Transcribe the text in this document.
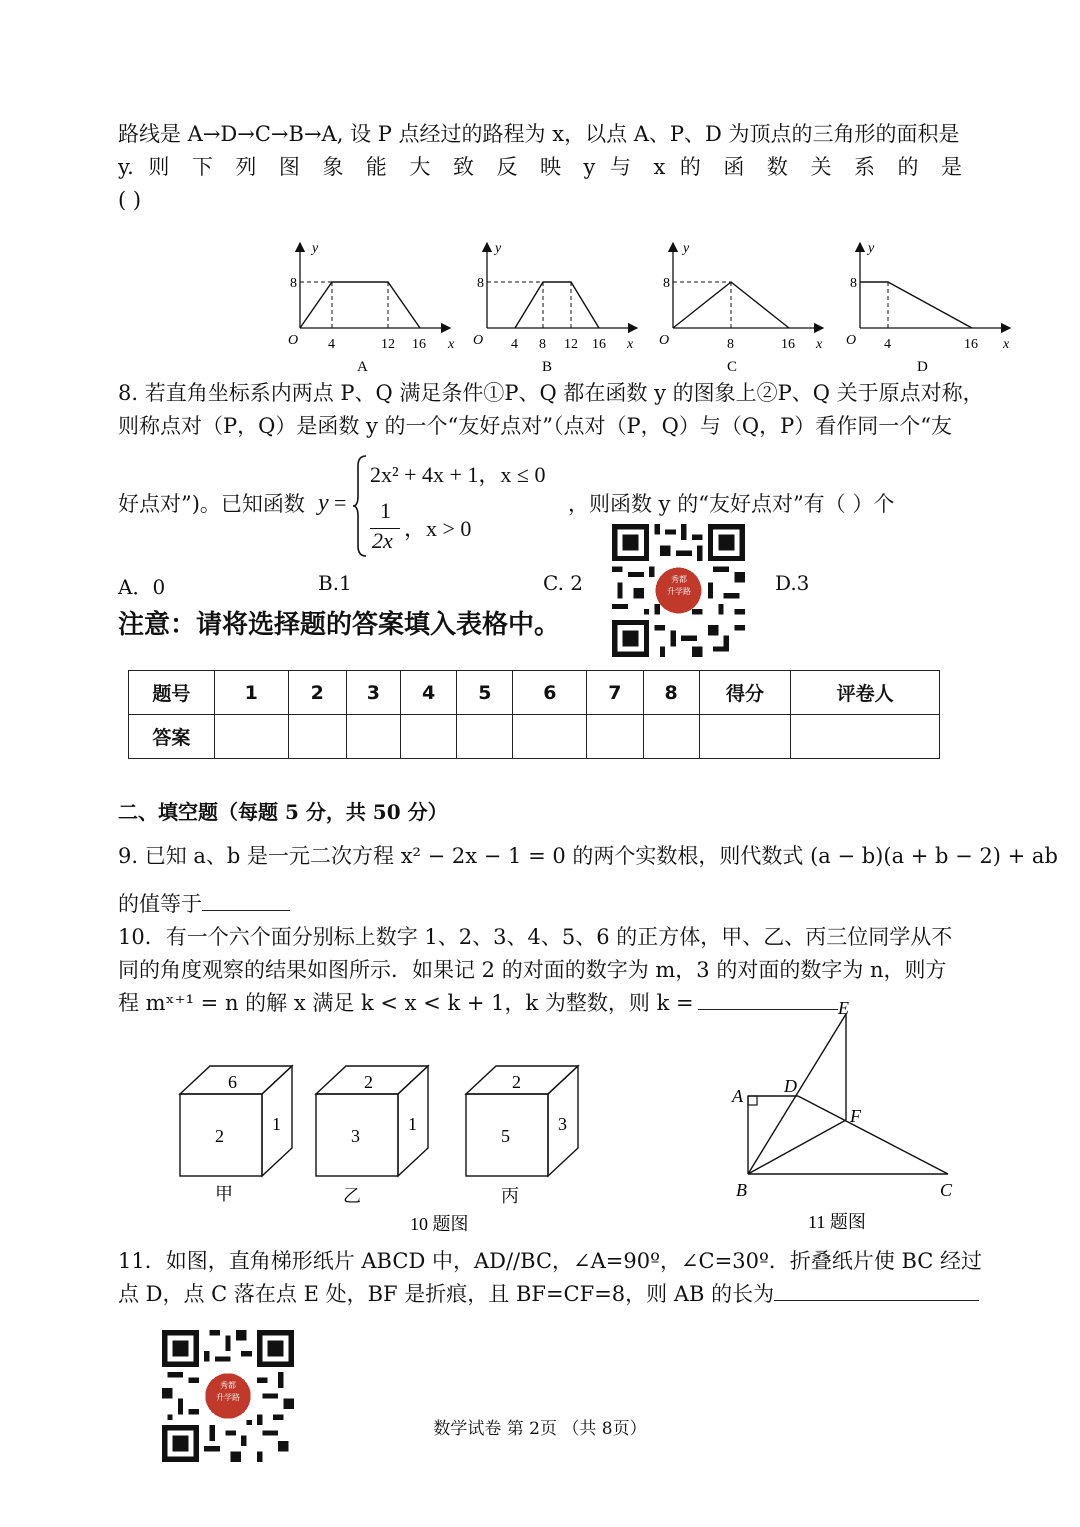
路线是 A→D→C→B→A, 设 P 点经过的路程为 x，以点 A、P、D 为顶点的三角形的面积是
y. 则 下 列 图 象 能 大 致 反 映 y 与 x 的 函 数 关 系 的 是
( )
y
8
O 4	12 16 x
A
y
8
O 4 8 12 16 x
B
y
8
O	8	16 x
C
y
8
O 4	16 x
D
8. 若直角坐标系内两点 P、Q 满足条件①P、Q 都在函数 y 的图象上②P、Q 关于原点对称，
则称点对（P，Q）是函数 y 的一个“友好点对”（点对（P，Q）与（Q，P）看作同一个“友
好点对”)。已知函数 y =
2x² + 4x + 1，x ≤ 0
1
2x ，x > 0
，则函数 y 的“友好点对”有（ ）个
A．0	B.1	C. 2	D.3
秀都
升学路
注意：请将选择题的答案填入表格中。
题号	1	2	3	4	5	6	7	8	得分	评卷人
答案										
二、填空题（每题 5 分，共 50 分）
9. 已知 a、b 是一元二次方程 x² − 2x − 1 = 0 的两个实数根，则代数式 (a − b)(a + b − 2) + ab
的值等于
10．有一个六个面分别标上数字 1、2、3、4、5、6 的正方体，甲、乙、丙三位同学从不
同的角度观察的结果如图所示．如果记 2 的对面的数字为 m，3 的对面的数字为 n，则方
程 mˣ⁺¹ = n 的解 x 满足 k < x < k + 1，k 为整数，则 k =
6
2
1
甲
2
3
1
乙
2
5
3
丙
10 题图
A
B	C
D
E
F
11 题图
11．如图，直角梯形纸片 ABCD 中，AD//BC，∠A=90º，∠C=30º．折叠纸片使 BC 经过
点 D，点 C 落在点 E 处，BF 是折痕，且 BF=CF=8，则 AB 的长为
秀都
升学路
数学试卷 第 2页 （共 8页）
